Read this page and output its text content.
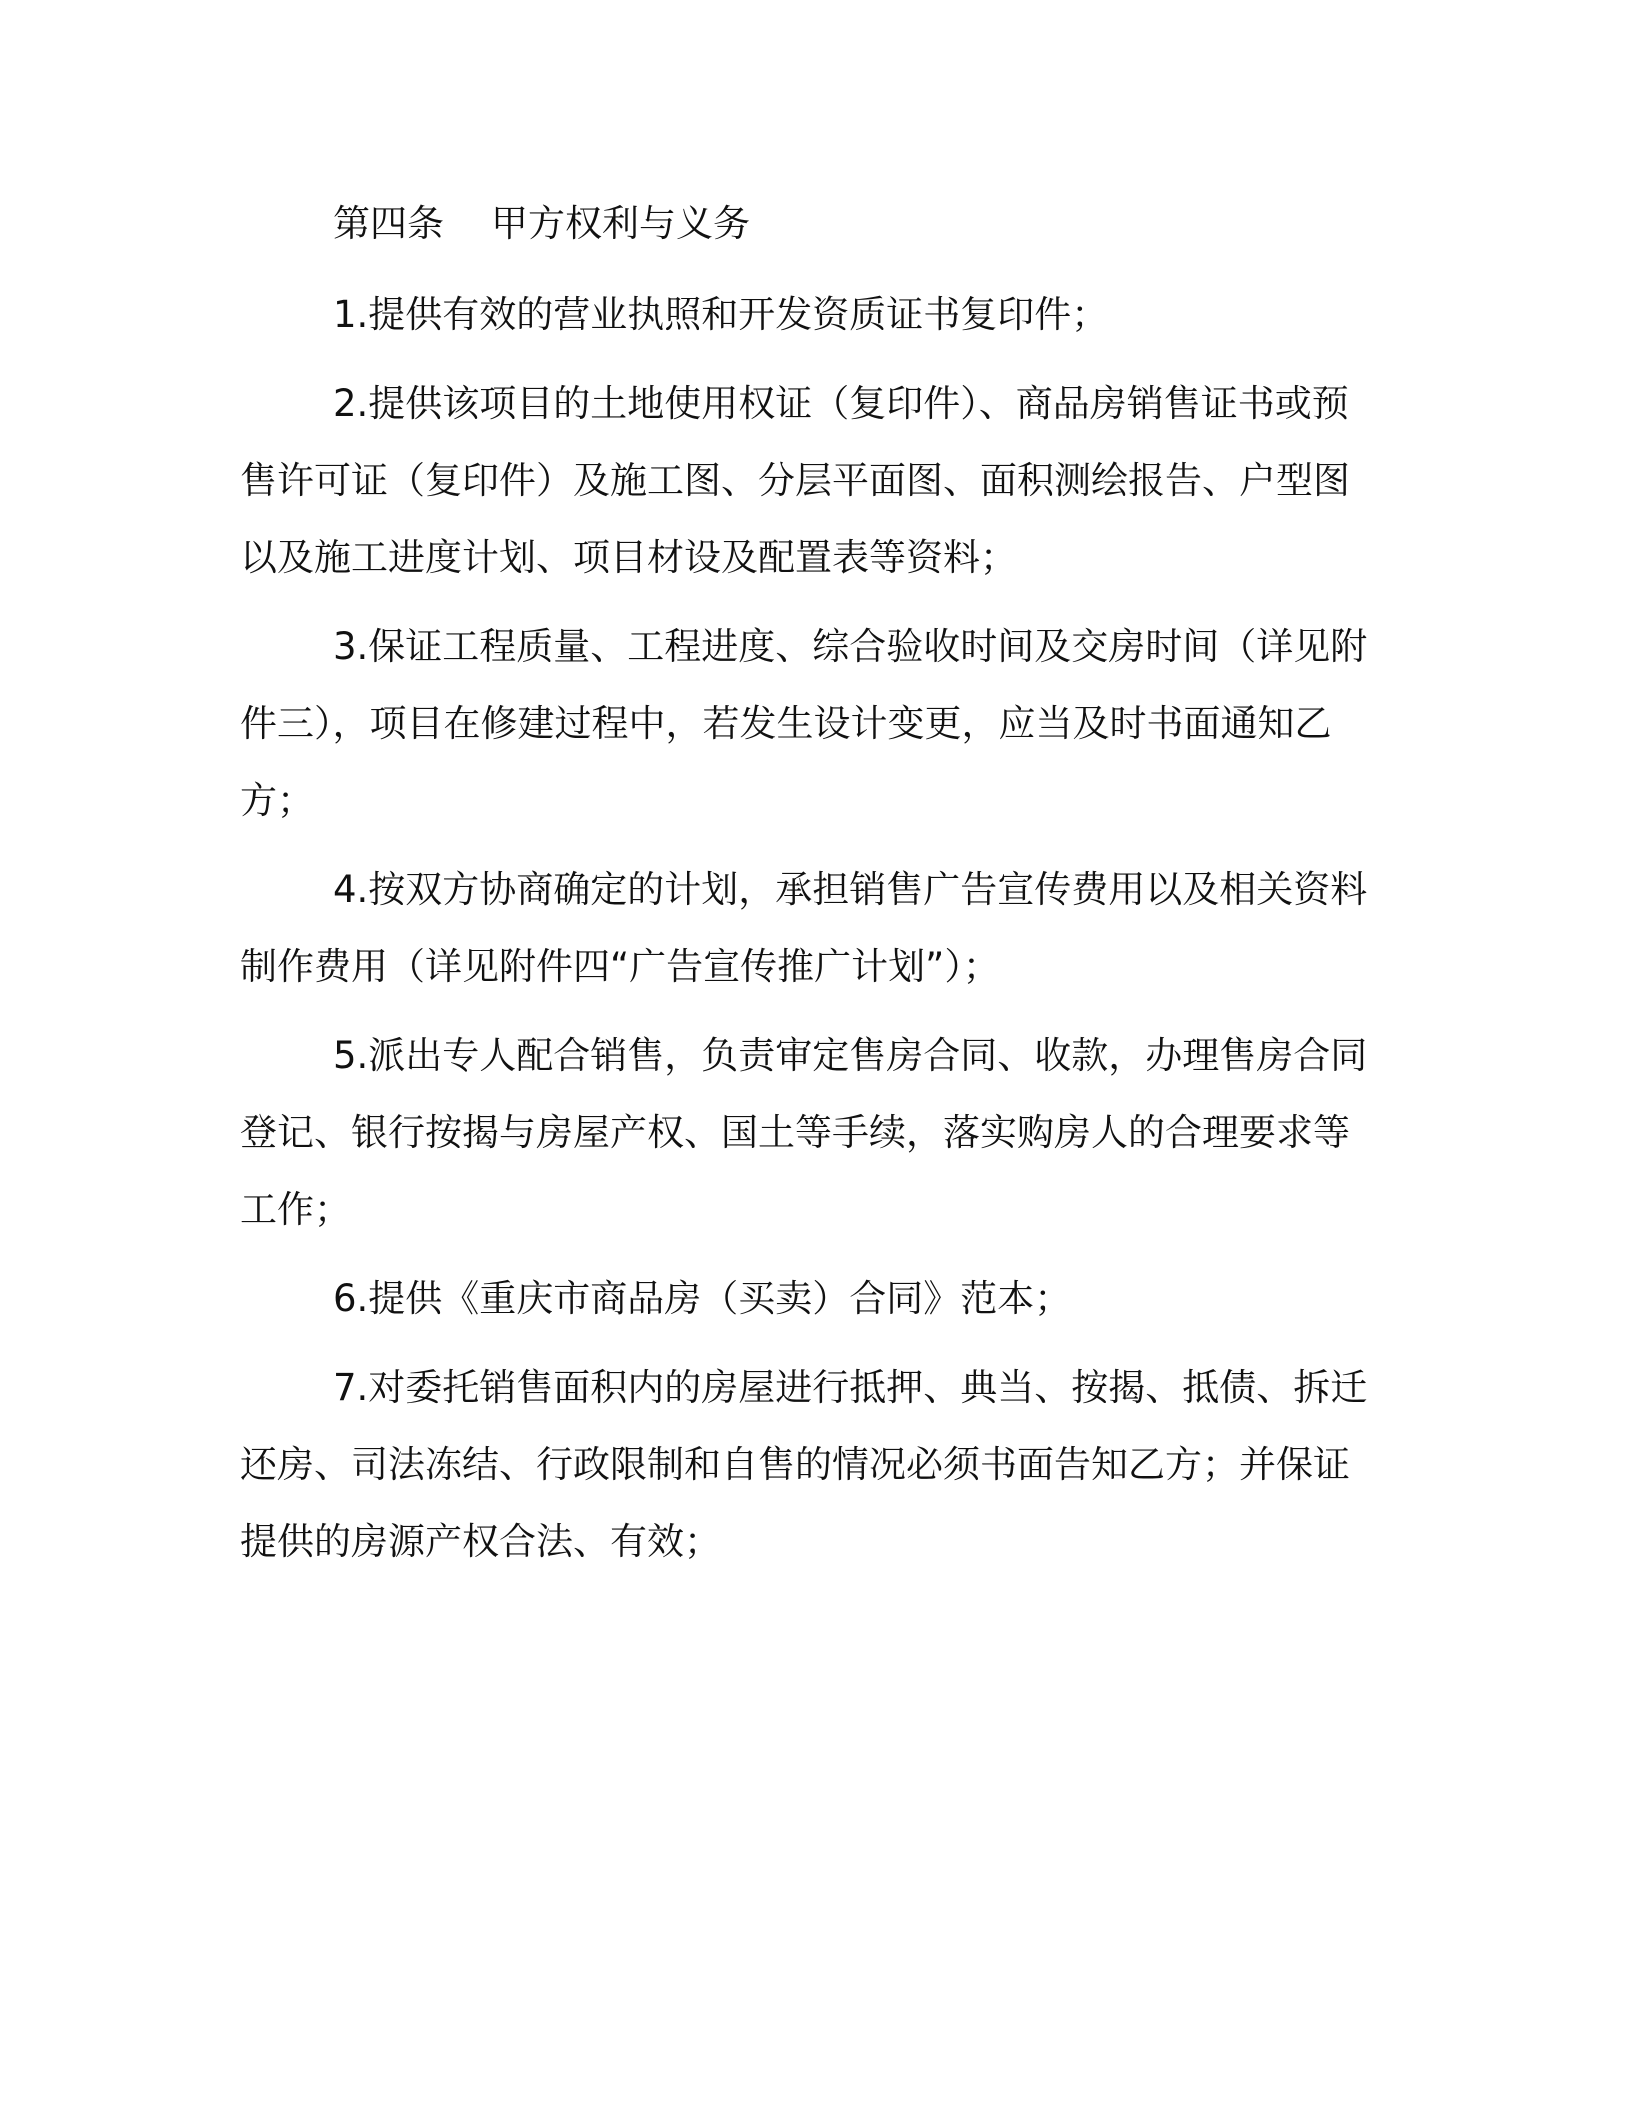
第四条    甲方权利与义务

1.提供有效的营业执照和开发资质证书复印件；

2.提供该项目的土地使用权证（复印件）、商品房销售证书或预售许可证（复印件）及施工图、分层平面图、面积测绘报告、户型图以及施工进度计划、项目材设及配置表等资料；

3.保证工程质量、工程进度、综合验收时间及交房时间（详见附件三），项目在修建过程中，若发生设计变更，应当及时书面通知乙方；

4.按双方协商确定的计划，承担销售广告宣传费用以及相关资料制作费用（详见附件四“广告宣传推广计划”）；

5.派出专人配合销售，负责审定售房合同、收款，办理售房合同登记、银行按揭与房屋产权、国土等手续，落实购房人的合理要求等工作；

6.提供《重庆市商品房（买卖）合同》范本；

7.对委托销售面积内的房屋进行抵押、典当、按揭、抵债、拆迁还房、司法冻结、行政限制和自售的情况必须书面告知乙方；并保证提供的房源产权合法、有效；
